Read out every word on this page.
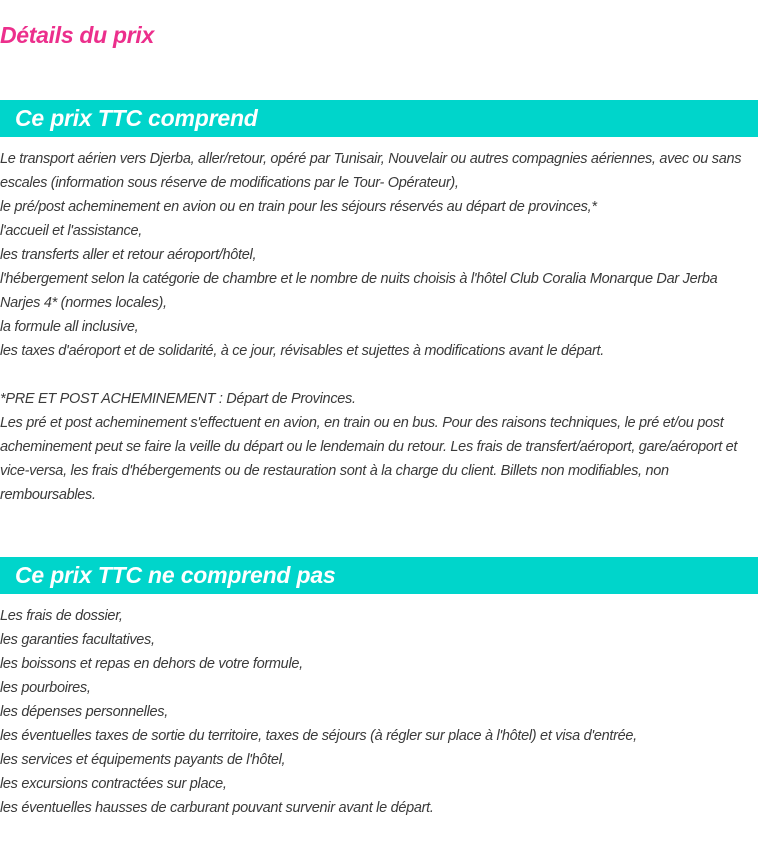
Détails du prix
Ce prix TTC comprend
Le transport aérien vers Djerba, aller/retour, opéré par Tunisair, Nouvelair ou autres compagnies aériennes, avec ou sans escales (information sous réserve de modifications par le Tour- Opérateur),
le pré/post acheminement en avion ou en train pour les séjours réservés au départ de provinces,*
l'accueil et l'assistance,
les transferts aller et retour aéroport/hôtel,
l'hébergement selon la catégorie de chambre et le nombre de nuits choisis à l'hôtel Club Coralia Monarque Dar Jerba Narjes 4* (normes locales),
la formule all inclusive,
les taxes d'aéroport et de solidarité, à ce jour, révisables et sujettes à modifications avant le départ.
*PRE ET POST ACHEMINEMENT : Départ de Provinces.
Les pré et post acheminement s'effectuent en avion, en train ou en bus. Pour des raisons techniques, le pré et/ou post acheminement peut se faire la veille du départ ou le lendemain du retour. Les frais de transfert/aéroport, gare/aéroport et vice-versa, les frais d'hébergements ou de restauration sont à la charge du client. Billets non modifiables, non remboursables.
Ce prix TTC ne comprend pas
Les frais de dossier,
les garanties facultatives,
les boissons et repas en dehors de votre formule,
les pourboires,
les dépenses personnelles,
les éventuelles taxes de sortie du territoire, taxes de séjours (à régler sur place à l'hôtel) et visa d'entrée,
les services et équipements payants de l'hôtel,
les excursions contractées sur place,
les éventuelles hausses de carburant pouvant survenir avant le départ.
